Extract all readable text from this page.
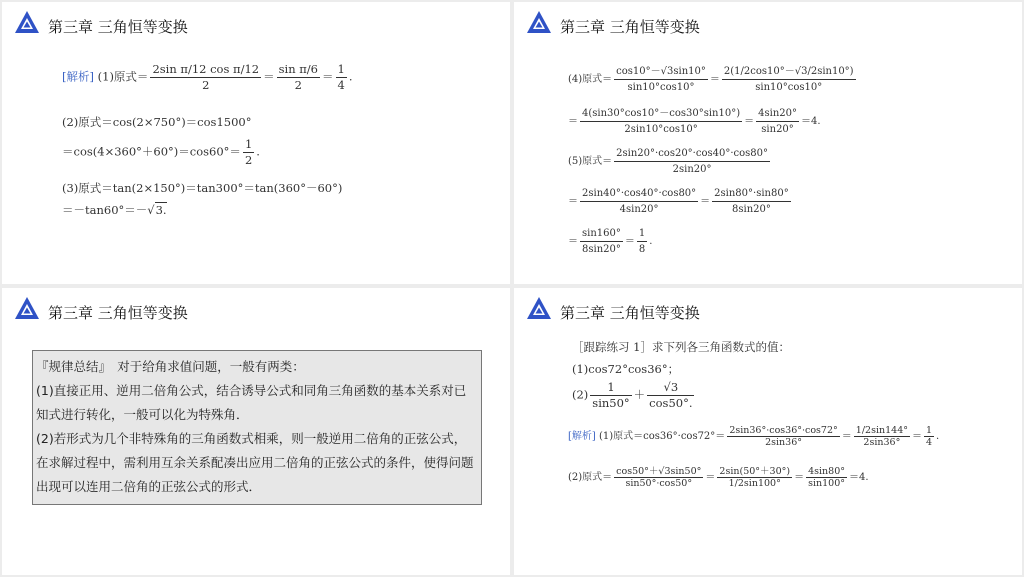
第三章 三角恒等变换
[解析] (1)原式＝ $\frac{\text{2sin π/12 cos π/12}}{2} = \frac{\text{sin π/6}}{2} = \frac{1}{4}$ .
(2)原式＝cos(2×750°)＝cos1500°
$=\cos(4\times 360^\circ+60^\circ)=\cos 60^\circ= \frac{1}{2}$ .
(3)原式＝tan(2×150°)＝tan300°＝tan(360°－60°)
＝－tan60°＝－√3.
第三章 三角恒等变换
(4)原式＝ $\frac{\cos 10^\circ-√3\sin 10^\circ}{\sin 10^\circ\cos 10^\circ} = \frac{2(1/2\cos 10^\circ-√3/2\sin 10^\circ)}{\sin 10^\circ\cos 10^\circ}$
＝ $\frac{4(\sin 30^\circ\cos 10^\circ-\cos 30^\circ\sin 10^\circ)}{2\sin 10^\circ\cos 10^\circ} = \frac{4\sin 20^\circ}{\sin 20^\circ} =4$.
(5)原式＝ $\frac{2\sin 20^\circ\cdot\cos 20^\circ\cdot\cos 40^\circ\cdot\cos 80^\circ}{2\sin 20^\circ}$
＝ $\frac{2\sin 40^\circ\cdot\cos 40^\circ\cdot\cos 80^\circ}{4\sin 20^\circ} = \frac{2\sin 80^\circ\cdot\sin 80^\circ}{8\sin 20^\circ}$
＝ $\frac{\sin 160^\circ}{8\sin 20^\circ} = \frac{1}{8}$ .
第三章 三角恒等变换

『规律总结』　对于给角求值问题，一般有两类：

(1)直接正用、逆用二倍角公式，结合诱导公式和同角三角函数的基本关系对已知式进行转化，一般可以化为特殊角．

(2)若形式为几个非特殊角的三角函数式相乘，则一般逆用二倍角的正弦公式，在求解过程中，需利用互余关系配凑出应用二倍角的正弦公式的条件，使得问题出现可以连用二倍角的正弦公式的形式．

第三章 三角恒等变换
［跟踪练习 1］求下列各三角函数式的值：
(1)cos72°cos36°；
$(2) \frac{1}{\sin 50^\circ} + \frac{√3}{\cos 50^\circ.}$
[解析] (1)原式$=\cos 36^\circ\cdot\cos 72^\circ= \frac{2\sin 36^\circ\cdot\cos 36^\circ\cdot\cos 72^\circ}{2\sin 36^\circ} = \frac{1/2\sin 144^\circ}{2\sin 36^\circ} = \frac{1}{4}$ .
(2)原式＝ $\frac{\cos 50^\circ+√3\sin 50^\circ}{\sin 50^\circ\cdot\cos 50^\circ} = \frac{2\sin(50^\circ+30^\circ)}{1/2\sin 100^\circ} = \frac{4\sin 80^\circ}{\sin 100^\circ} =4$.
